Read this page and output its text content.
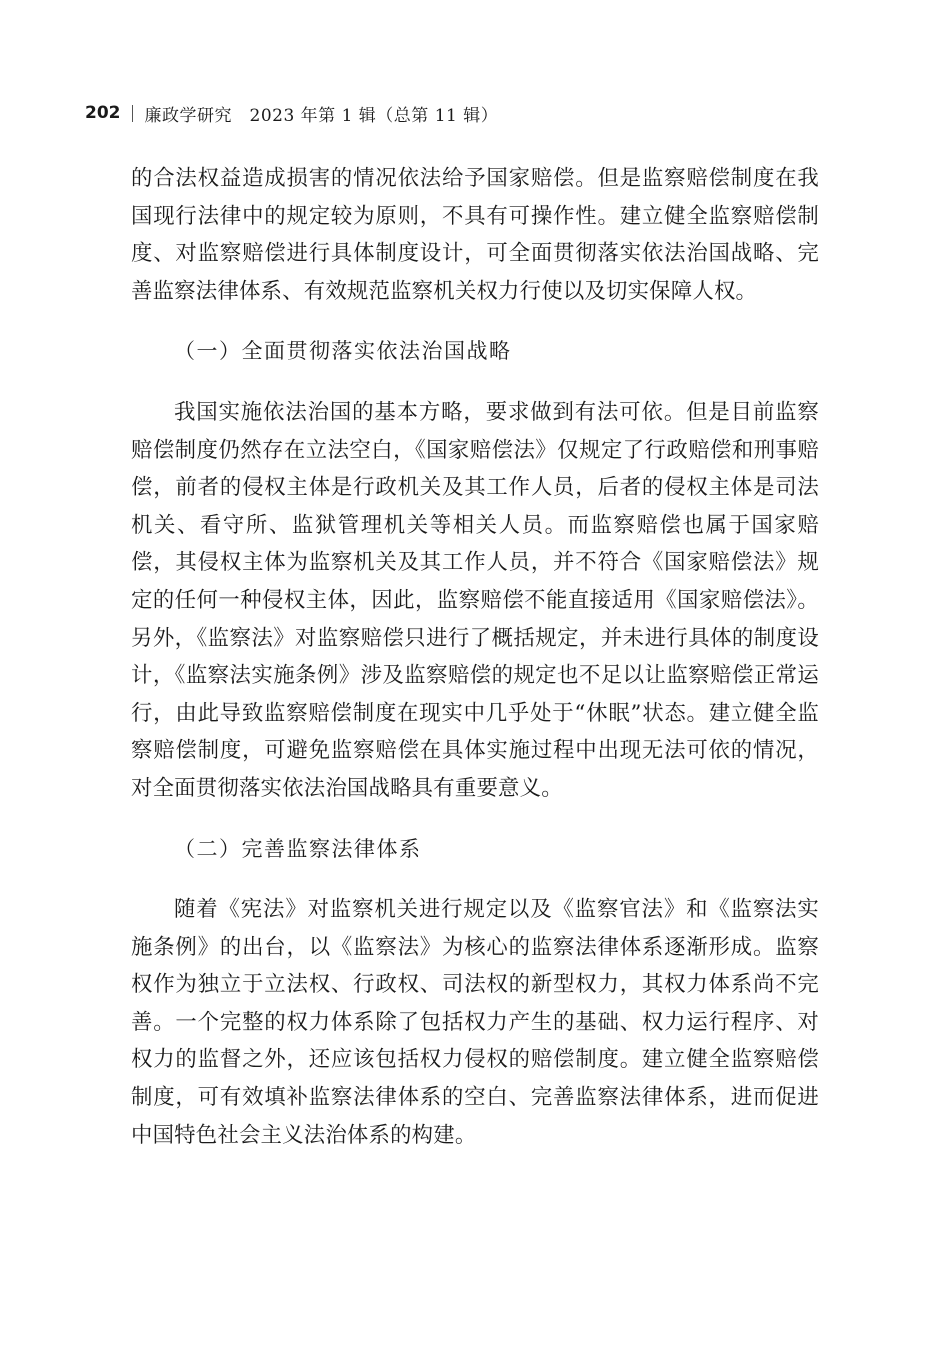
202 廉政学研究　2023 年第 1 辑（总第 11 辑）

的合法权益造成损害的情况依法给予国家赔偿。但是监察赔偿制度在我国现行法律中的规定较为原则，不具有可操作性。建立健全监察赔偿制度、对监察赔偿进行具体制度设计，可全面贯彻落实依法治国战略、完善监察法律体系、有效规范监察机关权力行使以及切实保障人权。

（一）全面贯彻落实依法治国战略

我国实施依法治国的基本方略，要求做到有法可依。但是目前监察赔偿制度仍然存在立法空白，《国家赔偿法》仅规定了行政赔偿和刑事赔偿，前者的侵权主体是行政机关及其工作人员，后者的侵权主体是司法机关、看守所、监狱管理机关等相关人员。而监察赔偿也属于国家赔偿，其侵权主体为监察机关及其工作人员，并不符合《国家赔偿法》规定的任何一种侵权主体，因此，监察赔偿不能直接适用《国家赔偿法》。另外，《监察法》对监察赔偿只进行了概括规定，并未进行具体的制度设计，《监察法实施条例》涉及监察赔偿的规定也不足以让监察赔偿正常运行，由此导致监察赔偿制度在现实中几乎处于“休眠”状态。建立健全监察赔偿制度，可避免监察赔偿在具体实施过程中出现无法可依的情况，对全面贯彻落实依法治国战略具有重要意义。

（二）完善监察法律体系

随着《宪法》对监察机关进行规定以及《监察官法》和《监察法实施条例》的出台，以《监察法》为核心的监察法律体系逐渐形成。监察权作为独立于立法权、行政权、司法权的新型权力，其权力体系尚不完善。一个完整的权力体系除了包括权力产生的基础、权力运行程序、对权力的监督之外，还应该包括权力侵权的赔偿制度。建立健全监察赔偿制度，可有效填补监察法律体系的空白、完善监察法律体系，进而促进中国特色社会主义法治体系的构建。
